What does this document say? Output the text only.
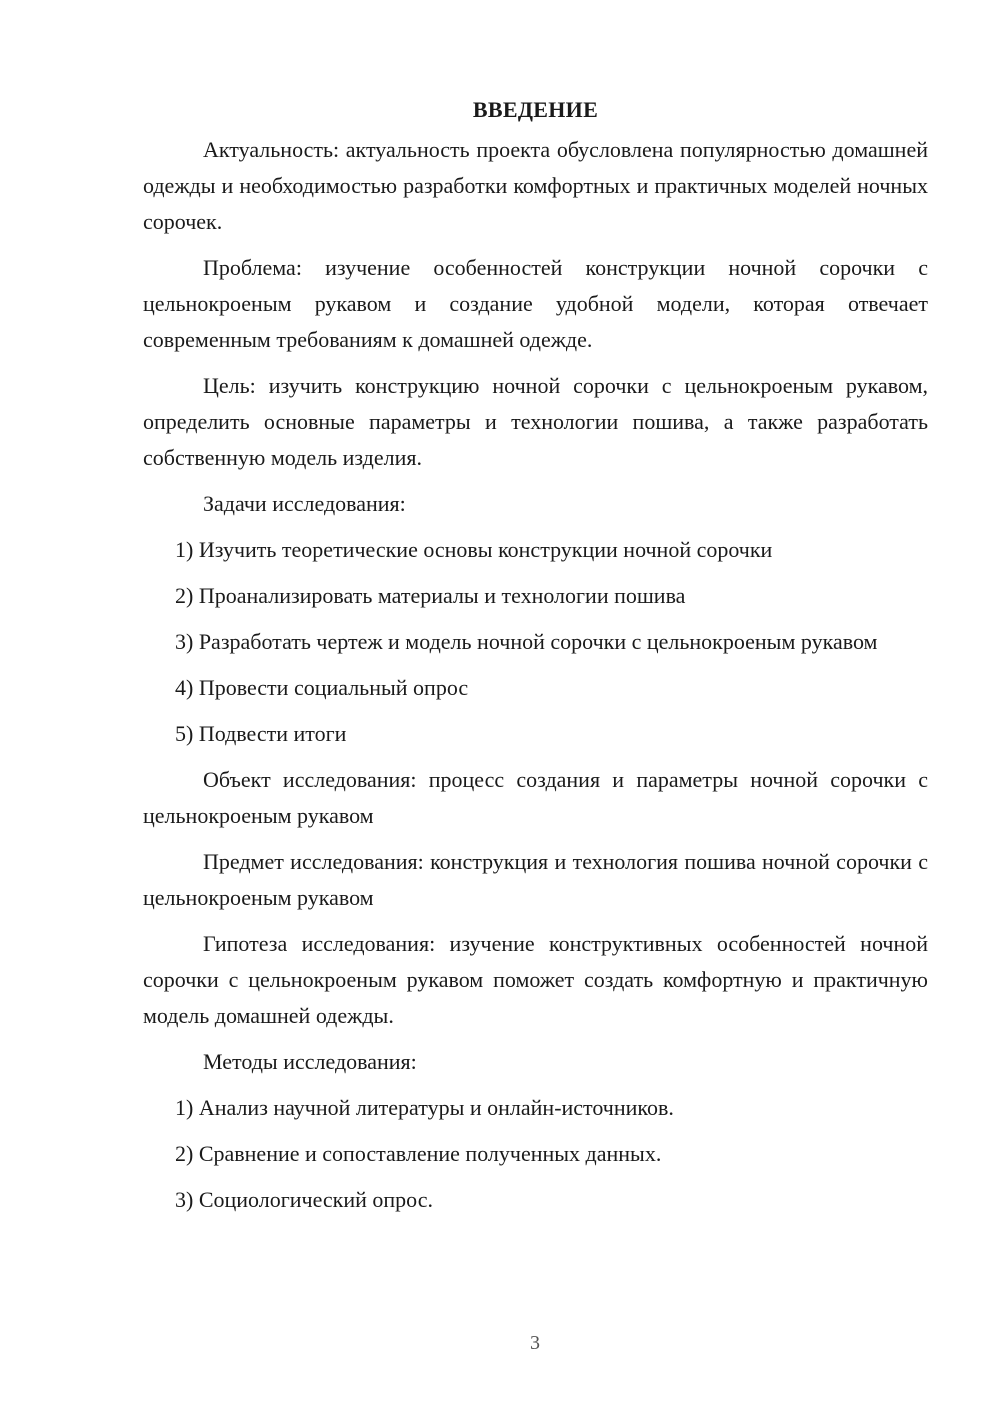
ВВЕДЕНИЕ

Актуальность: актуальность проекта обусловлена популярностью домашней одежды и необходимостью разработки комфортных и практичных моделей ночных сорочек.

Проблема: изучение особенностей конструкции ночной сорочки с цельнокроеным рукавом и создание удобной модели, которая отвечает современным требованиям к домашней одежде.

Цель: изучить конструкцию ночной сорочки с цельнокроеным рукавом, определить основные параметры и технологии пошива, а также разработать собственную модель изделия.

Задачи исследования:

1) Изучить теоретические основы конструкции ночной сорочки

2) Проанализировать материалы и технологии пошива

3) Разработать чертеж и модель ночной сорочки с цельнокроеным рукавом

4) Провести социальный опрос

5) Подвести итоги

Объект исследования: процесс создания и параметры ночной сорочки с цельнокроеным рукавом

Предмет исследования: конструкция и технология пошива ночной сорочки с цельнокроеным рукавом

Гипотеза исследования: изучение конструктивных особенностей ночной сорочки с цельнокроеным рукавом поможет создать комфортную и практичную модель домашней одежды.

Методы исследования:

1) Анализ научной литературы и онлайн-источников.

2) Сравнение и сопоставление полученных данных.

3) Социологический опрос.

3
